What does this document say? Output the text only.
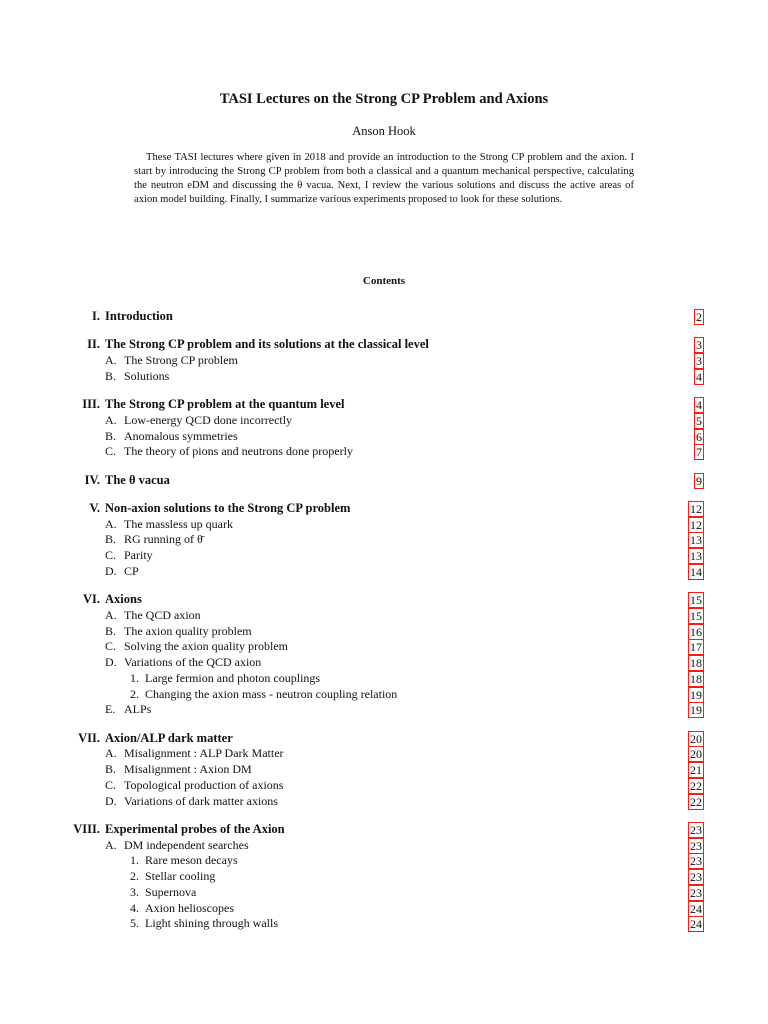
TASI Lectures on the Strong CP Problem and Axions
Anson Hook
These TASI lectures where given in 2018 and provide an introduction to the Strong CP problem and the axion. I start by introducing the Strong CP problem from both a classical and a quantum mechanical perspective, calculating the neutron eDM and discussing the θ vacua. Next, I review the various solutions and discuss the active areas of axion model building. Finally, I summarize various experiments proposed to look for these solutions.
Contents
I. Introduction	2
II. The Strong CP problem and its solutions at the classical level	3
A. The Strong CP problem	3
B. Solutions	4
III. The Strong CP problem at the quantum level	4
A. Low-energy QCD done incorrectly	5
B. Anomalous symmetries	6
C. The theory of pions and neutrons done properly	7
IV. The θ vacua	9
V. Non-axion solutions to the Strong CP problem	12
A. The massless up quark	12
B. RG running of θ̄	13
C. Parity	13
D. CP	14
VI. Axions	15
A. The QCD axion	15
B. The axion quality problem	16
C. Solving the axion quality problem	17
D. Variations of the QCD axion	18
1. Large fermion and photon couplings	18
2. Changing the axion mass - neutron coupling relation	19
E. ALPs	19
VII. Axion/ALP dark matter	20
A. Misalignment : ALP Dark Matter	20
B. Misalignment : Axion DM	21
C. Topological production of axions	22
D. Variations of dark matter axions	22
VIII. Experimental probes of the Axion	23
A. DM independent searches	23
1. Rare meson decays	23
2. Stellar cooling	23
3. Supernova	23
4. Axion helioscopes	24
5. Light shining through walls	24
